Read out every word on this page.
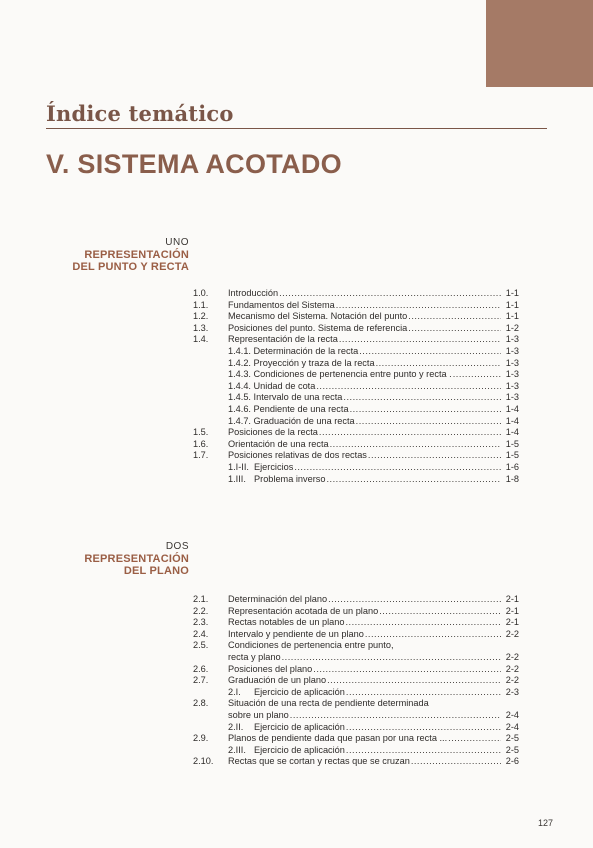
Índice temático
V. SISTEMA ACOTADO
UNO
REPRESENTACIÓN
DEL PUNTO Y RECTA
1.0.	Introducción .....	1-1
1.1.	Fundamentos del Sistema .....	1-1
1.2.	Mecanismo del Sistema. Notación del punto .....	1-1
1.3.	Posiciones del punto. Sistema de referencia .....	1-2
1.4.	Representación de la recta .....	1-3
1.4.1. Determinación de la recta .....	1-3
1.4.2. Proyección y traza de la recta .....	1-3
1.4.3. Condiciones de pertenencia entre punto y recta . .....	1-3
1.4.4. Unidad de cota .....	1-3
1.4.5. Intervalo de una recta .....	1-3
1.4.6. Pendiente de una recta .....	1-4
1.4.7. Graduación de una recta .....	1-4
1.5.	Posiciones de la recta .....	1-4
1.6.	Orientación de una recta .....	1-5
1.7.	Posiciones relativas de dos rectas .....	1-5
1.I-II. Ejercicios .....	1-6
1.III. Problema inverso .....	1-8
DOS
REPRESENTACIÓN
DEL PLANO
2.1.	Determinación del plano .....	2-1
2.2.	Representación acotada de un plano .....	2-1
2.3.	Rectas notables de un plano .....	2-1
2.4.	Intervalo y pendiente de un plano .....	2-2
2.5.	Condiciones de pertenencia entre punto,
recta y plano .....	2-2
2.6.	Posiciones del plano .....	2-2
2.7.	Graduación de un plano .....	2-2
2.I.	Ejercicio de aplicación .....	2-3
2.8.	Situación de una recta de pendiente determinada
sobre un plano .....	2-4
2.II.	Ejercicio de aplicación .....	2-4
2.9.	Planos de pendiente dada que pasan por una recta ... .....	2-5
2.III. Ejercicio de aplicación .....	2-5
2.10.	Rectas que se cortan y rectas que se cruzan .....	2-6
127
